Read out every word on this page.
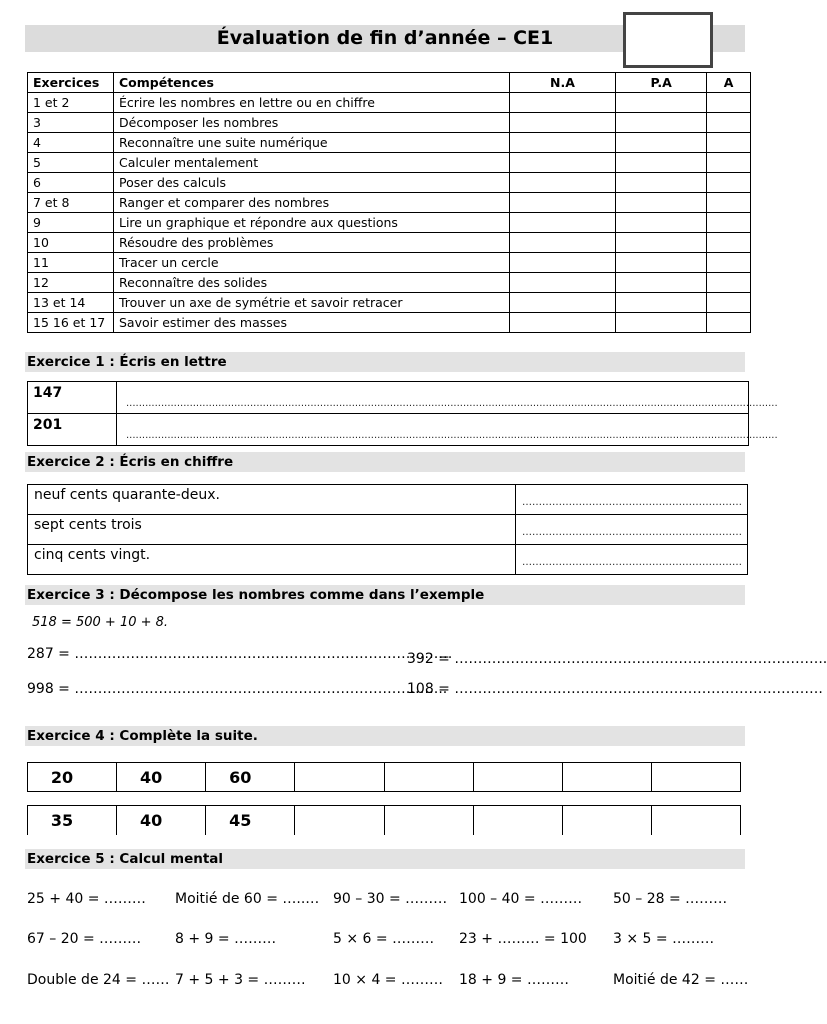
Évaluation de fin d’année – CE1
Exercices	Compétences	N.A	P.A	A
1 et 2	Écrire les nombres en lettre ou en chiffre			
3	Décomposer les nombres			
4	Reconnaître une suite numérique			
5	Calculer mentalement			
6	Poser des calculs			
7 et 8	Ranger et comparer des nombres			
9	Lire un graphique et répondre aux questions			
10	Résoudre des problèmes			
11	Tracer un cercle			
12	Reconnaître des solides			
13 et 14	Trouver un axe de symétrie et savoir retracer			
15 16 et 17	Savoir estimer des masses			
Exercice 1 : Écris en lettre
147	.............................................................................................................................................................................................................

201	.............................................................................................................................................................................................................
Exercice 2 : Écris en chiffre
neuf cents quarante-deux.	…………………………………………………………
sept cents trois	…………………………………………………………
cinq cents vingt.	…………………………………………………………
Exercice 3 : Décompose les nombres comme dans l’exemple
518 = 500 + 10 + 8.
287 = ………………………………………………………………………
392 = ……………………………………………………………………..
998 = ……………………………………………………………………..
108 = …………………………………………………………………….
Exercice 4 : Complète la suite.
20	40	60					
35	40	45					
Exercice 5 : Calcul mental
25 + 40 = ……… Moitié de 60 = …..… 90 – 30 = ……… 100 – 40 = ……… 50 – 28 = ………
67 – 20 = ……… 8 + 9 = ………	5 × 6 = ……… 23 + ……… = 100 3 × 5 = ………
Double de 24 = …… 7 + 5 + 3 = ……… 10 × 4 = ……… 18 + 9 = ………	Moitié de 42 = ……
